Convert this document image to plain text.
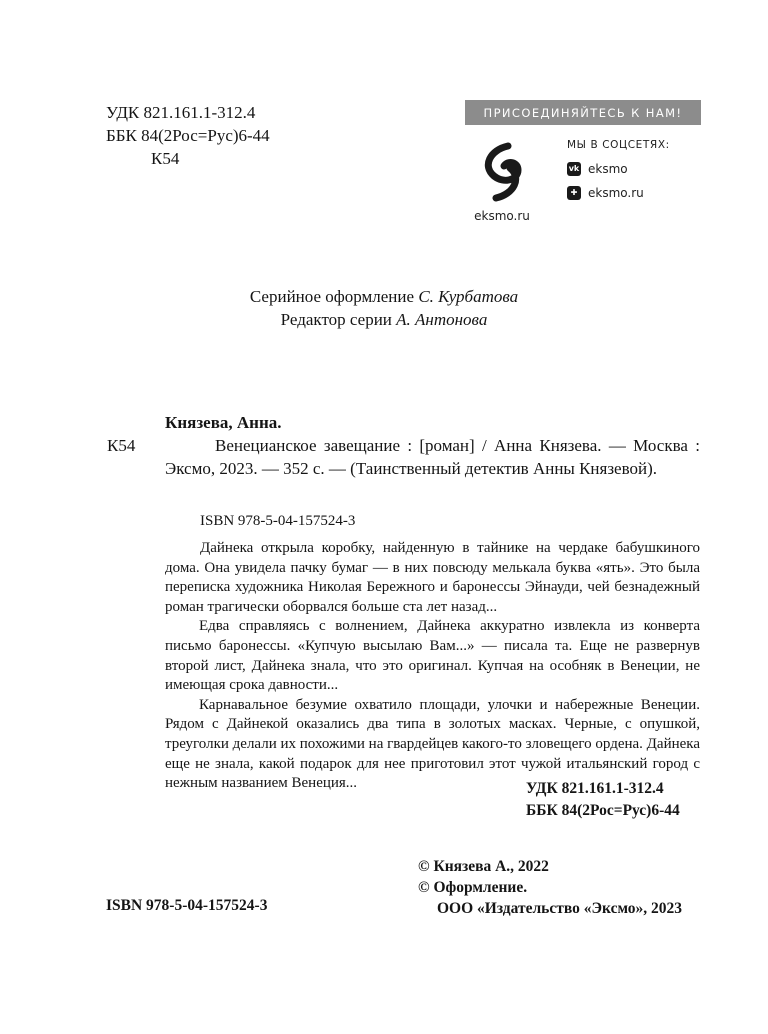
УДК 821.161.1-312.4
ББК 84(2Рос=Рус)6-44
К54
ПРИСОЕДИНЯЙТЕСЬ К НАМ!
eksmo.ru
МЫ В СОЦСЕТЯХ:
vk eksmo
✚ eksmo.ru
Серийное оформление С. Курбатова
Редактор серии А. Антонова
К54
Князева, Анна.
Венецианское завещание : [роман] / Анна Князева. — Москва : Эксмо, 2023. — 352 с. — (Таинственный детектив Анны Князевой).
ISBN 978-5-04-157524-3

Дайнека открыла коробку, найденную в тайнике на чердаке бабушкиного дома. Она увидела пачку бумаг — в них повсюду мелькала буква «ять». Это была переписка художника Николая Бережного и баронессы Эйнауди, чей безнадежный роман трагически оборвался больше ста лет назад...

Едва справляясь с волнением, Дайнека аккуратно извлекла из конверта письмо баронессы. «Купчую высылаю Вам...» — писала та. Еще не развернув второй лист, Дайнека знала, что это оригинал. Купчая на особняк в Венеции, не имеющая срока давности...

Карнавальное безумие охватило площади, улочки и набережные Венеции. Рядом с Дайнекой оказались два типа в золотых масках. Черные, с опушкой, треуголки делали их похожими на гвардейцев какого-то зловещего ордена. Дайнека еще не знала, какой подарок для нее приготовил этот чужой итальянский город с нежным названием Венеция...	УДК 821.161.1-312.4
ББК 84(2Рос=Рус)6-44
ISBN 978-5-04-157524-3
© Князева А., 2022
© Оформление.
ООО «Издательство «Эксмо», 2023
